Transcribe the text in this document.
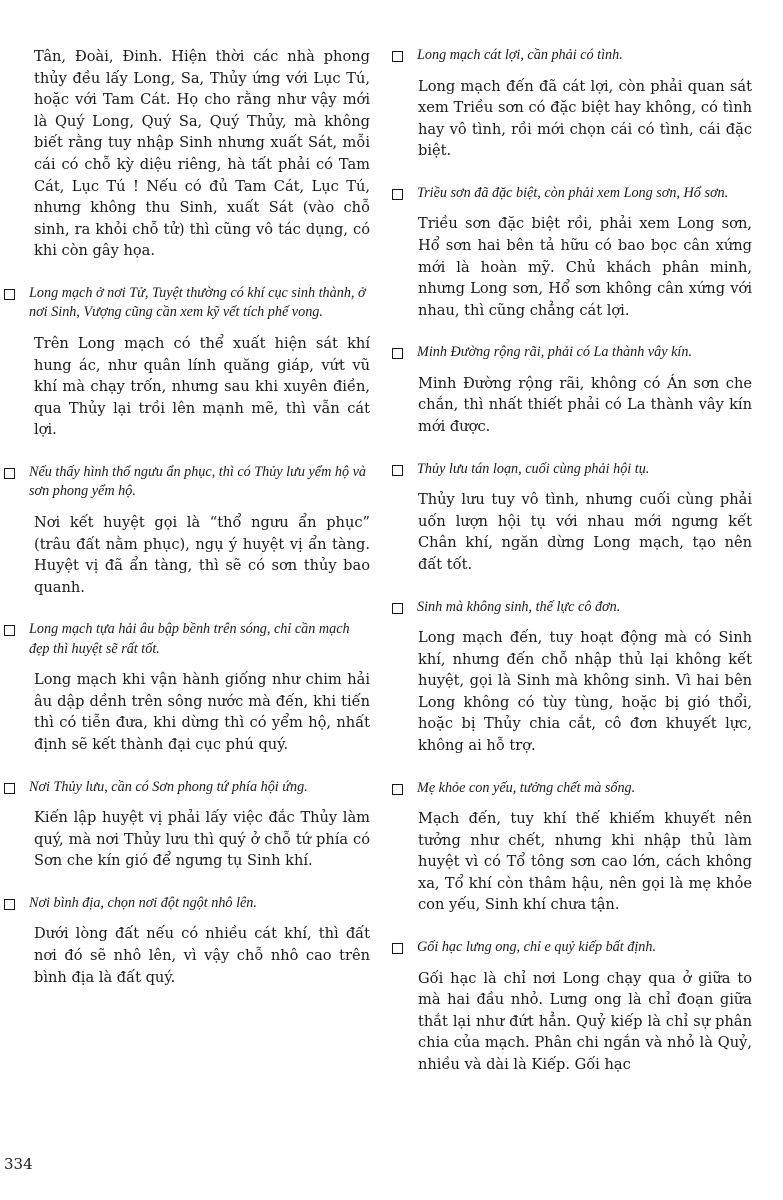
Tân, Đoài, Đinh. Hiện thời các nhà phong thủy đều lấy Long, Sa, Thủy ứng với Lục Tú, hoặc với Tam Cát. Họ cho rằng như vậy mới là Quý Long, Quý Sa, Quý Thủy, mà không biết rằng tuy nhập Sinh nhưng xuất Sát, mỗi cái có chỗ kỳ diệu riêng, hà tất phải có Tam Cát, Lục Tú ! Nếu có đủ Tam Cát, Lục Tú, nhưng không thu Sinh, xuất Sát (vào chỗ sinh, ra khỏi chỗ tử) thì cũng vô tác dụng, có khi còn gây họa.

Long mạch ở nơi Tử, Tuyệt thường có khí cục sinh thành, ở nơi Sinh, Vượng cũng cần xem kỹ vết tích phế vong.

Trên Long mạch có thể xuất hiện sát khí hung ác, như quân lính quăng giáp, vứt vũ khí mà chạy trốn, nhưng sau khi xuyên điền, qua Thủy lại trồi lên mạnh mẽ, thì vẫn cát lợi.

Nếu thấy hình thổ ngưu ẩn phục, thì có Thủy lưu yểm hộ và sơn phong yểm hộ.

Nơi kết huyệt gọi là “thổ ngưu ẩn phục” (trâu đất nằm phục), ngụ ý huyệt vị ẩn tàng. Huyệt vị đã ẩn tàng, thì sẽ có sơn thủy bao quanh.

Long mạch tựa hải âu bập bềnh trên sóng, chỉ cần mạch đẹp thì huyệt sẽ rất tốt.

Long mạch khi vận hành giống như chim hải âu dập dềnh trên sông nước mà đến, khi tiến thì có tiễn đưa, khi dừng thì có yểm hộ, nhất định sẽ kết thành đại cục phú quý.

Nơi Thủy lưu, cần có Sơn phong tứ phía hội ứng.

Kiến lập huyệt vị phải lấy việc đắc Thủy làm quý, mà nơi Thủy lưu thì quý ở chỗ tứ phía có Sơn che kín gió để ngưng tụ Sinh khí.

Nơi bình địa, chọn nơi đột ngột nhô lên.

Dưới lòng đất nếu có nhiều cát khí, thì đất nơi đó sẽ nhô lên, vì vậy chỗ nhô cao trên bình địa là đất quý.

Long mạch cát lợi, cần phải có tình.

Long mạch đến đã cát lợi, còn phải quan sát xem Triều sơn có đặc biệt hay không, có tình hay vô tình, rồi mới chọn cái có tình, cái đặc biệt.

Triều sơn đã đặc biệt, còn phải xem Long sơn, Hổ sơn.

Triều sơn đặc biệt rồi, phải xem Long sơn, Hổ sơn hai bên tả hữu có bao bọc cân xứng mới là hoàn mỹ. Chủ khách phân minh, nhưng Long sơn, Hổ sơn không cân xứng với nhau, thì cũng chẳng cát lợi.

Minh Đường rộng rãi, phải có La thành vây kín.

Minh Đường rộng rãi, không có Án sơn che chắn, thì nhất thiết phải có La thành vây kín mới được.

Thủy lưu tán loạn, cuối cùng phải hội tụ.

Thủy lưu tuy vô tình, nhưng cuối cùng phải uốn lượn hội tụ với nhau mới ngưng kết Chân khí, ngăn dừng Long mạch, tạo nên đất tốt.

Sinh mà không sinh, thế lực cô đơn.

Long mạch đến, tuy hoạt động mà có Sinh khí, nhưng đến chỗ nhập thủ lại không kết huyệt, gọi là Sinh mà không sinh. Vì hai bên Long không có tùy tùng, hoặc bị gió thổi, hoặc bị Thủy chia cắt, cô đơn khuyết lực, không ai hỗ trợ.

Mẹ khỏe con yếu, tưởng chết mà sống.

Mạch đến, tuy khí thế khiếm khuyết nên tưởng như chết, nhưng khi nhập thủ làm huyệt vì có Tổ tông sơn cao lớn, cách không xa, Tổ khí còn thâm hậu, nên gọi là mẹ khỏe con yếu, Sinh khí chưa tận.

Gối hạc lưng ong, chỉ e quỷ kiếp bất định.

Gối hạc là chỉ nơi Long chạy qua ở giữa to mà hai đầu nhỏ. Lưng ong là chỉ đoạn giữa thắt lại như đứt hẳn. Quỷ kiếp là chỉ sự phân chia của mạch. Phân chi ngắn và nhỏ là Quỷ, nhiều và dài là Kiếp. Gối hạc

334
